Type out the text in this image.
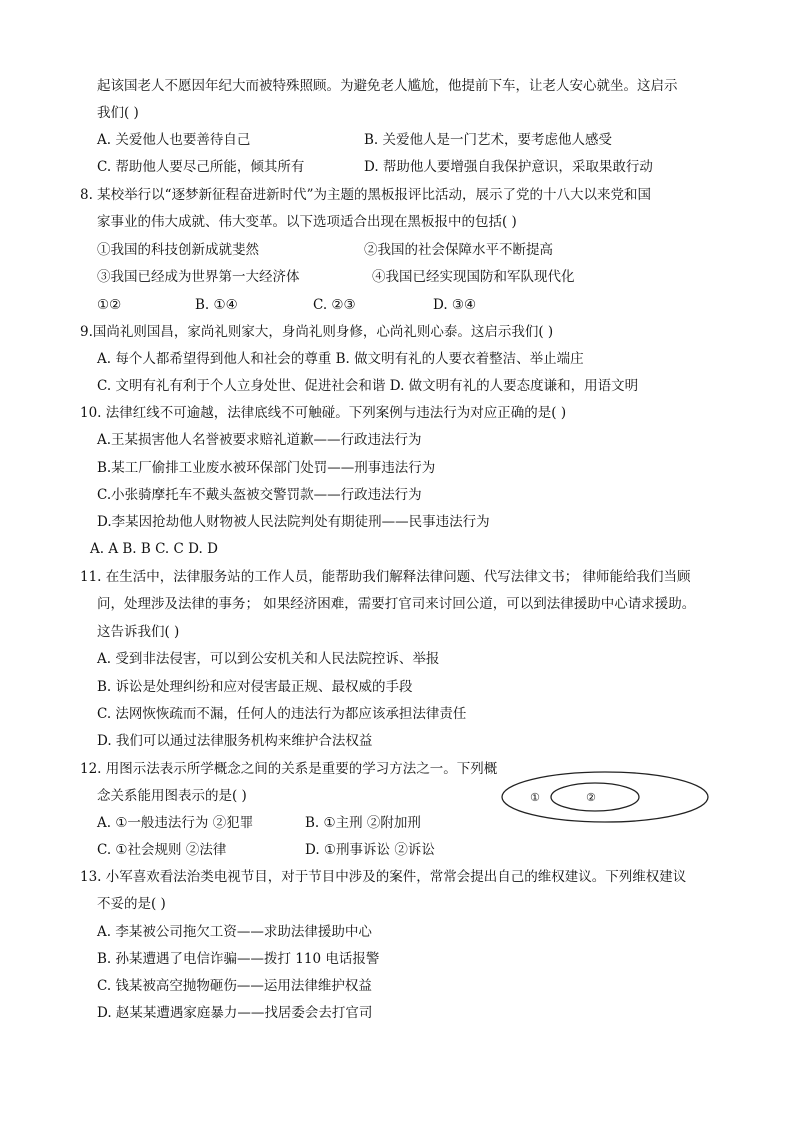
起该国老人不愿因年纪大而被特殊照顾。为避免老人尴尬，他提前下车，让老人安心就坐。这启示
我们( )
A. 关爱他人也要善待自己	B. 关爱他人是一门艺术，要考虑他人感受
C. 帮助他人要尽己所能，倾其所有	D. 帮助他人要增强自我保护意识，采取果敢行动
8. 某校举行以“逐梦新征程奋进新时代”为主题的黑板报评比活动，展示了党的十八大以来党和国
家事业的伟大成就、伟大变革。以下选项适合出现在黑板报中的包括( )
①我国的科技创新成就斐然	②我国的社会保障水平不断提高
③我国已经成为世界第一大经济体	④我国已经实现国防和军队现代化
①②	B. ①④	C. ②③	D. ③④
9.国尚礼则国昌，家尚礼则家大，身尚礼则身修，心尚礼则心泰。这启示我们( )
A. 每个人都希望得到他人和社会的尊重 B. 做文明有礼的人要衣着整洁、举止端庄
C. 文明有礼有利于个人立身处世、促进社会和谐 D. 做文明有礼的人要态度谦和，用语文明
10. 法律红线不可逾越，法律底线不可触碰。下列案例与违法行为对应正确的是( )
A.王某损害他人名誉被要求赔礼道歉——行政违法行为
B.某工厂偷排工业废水被环保部门处罚——刑事违法行为
C.小张骑摩托车不戴头盔被交警罚款——行政违法行为
D.李某因抢劫他人财物被人民法院判处有期徒刑——民事违法行为
A. A B. B C. C D. D
11. 在生活中，法律服务站的工作人员，能帮助我们解释法律问题、代写法律文书； 律师能给我们当顾
问，处理涉及法律的事务； 如果经济困难，需要打官司来讨回公道，可以到法律援助中心请求援助。
这告诉我们( )
A. 受到非法侵害，可以到公安机关和人民法院控诉、举报
B. 诉讼是处理纠纷和应对侵害最正规、最权威的手段
C. 法网恢恢疏而不漏，任何人的违法行为都应该承担法律责任
D. 我们可以通过法律服务机构来维护合法权益
12. 用图示法表示所学概念之间的关系是重要的学习方法之一。下列概
念关系能用图表示的是( )	①	②
A. ①一般违法行为 ②犯罪	B. ①主刑 ②附加刑
C. ①社会规则 ②法律	D. ①刑事诉讼 ②诉讼
13. 小军喜欢看法治类电视节目，对于节目中涉及的案件，常常会提出自己的维权建议。下列维权建议
不妥的是( )
A. 李某被公司拖欠工资——求助法律援助中心
B. 孙某遭遇了电信诈骗——拨打 110 电话报警
C. 钱某被高空抛物砸伤——运用法律维护权益
D. 赵某某遭遇家庭暴力——找居委会去打官司
